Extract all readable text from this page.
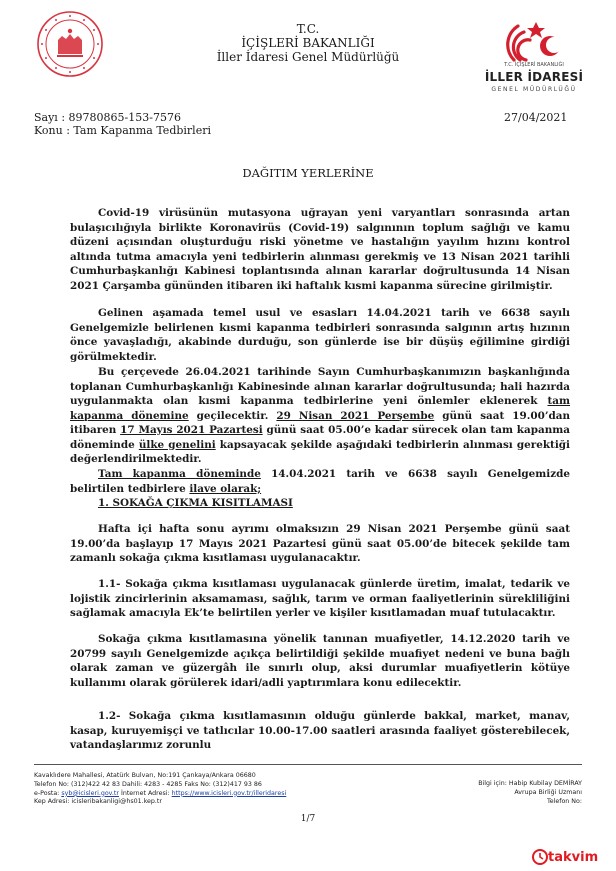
T.C. İÇİŞLERİ BAKANLIĞI
İLLER İDARESİ
GENEL MÜDÜRLÜĞÜ
T.C.
İÇİŞLERİ BAKANLIĞI
İller İdaresi Genel Müdürlüğü
Sayı : 89780865-153-7576
Konu : Tam Kapanma Tedbirleri
27/04/2021
DAĞITIM YERLERİNE

Covid-19 virüsünün mutasyona uğrayan yeni varyantları sonrasında artan bulaşıcılığıyla birlikte Koronavirüs (Covid-19) salgınının toplum sağlığı ve kamu düzeni açısından oluşturduğu riski yönetme ve hastalığın yayılım hızını kontrol altında tutma amacıyla yeni tedbirlerin alınması gerekmiş ve 13 Nisan 2021 tarihli Cumhurbaşkanlığı Kabinesi toplantısında alınan kararlar doğrultusunda 14 Nisan 2021 Çarşamba gününden itibaren iki haftalık kısmi kapanma sürecine girilmiştir.

Gelinen aşamada temel usul ve esasları 14.04.2021 tarih ve 6638 sayılı Genelgemizle belirlenen kısmi kapanma tedbirleri sonrasında salgının artış hızının önce yavaşladığı, akabinde durduğu, son günlerde ise bir düşüş eğilimine girdiği görülmektedir.

Bu çerçevede 26.04.2021 tarihinde Sayın Cumhurbaşkanımızın başkanlığında toplanan Cumhurbaşkanlığı Kabinesinde alınan kararlar doğrultusunda; hali hazırda uygulanmakta olan kısmi kapanma tedbirlerine yeni önlemler eklenerek tam kapanma dönemine geçilecektir. 29 Nisan 2021 Perşembe günü saat 19.00’dan itibaren 17 Mayıs 2021 Pazartesi günü saat 05.00’e kadar sürecek olan tam kapanma döneminde ülke genelini kapsayacak şekilde aşağıdaki tedbirlerin alınması gerektiği değerlendirilmektedir.

Tam kapanma döneminde 14.04.2021 tarih ve 6638 sayılı Genelgemizde belirtilen tedbirlere ilave olarak;

1. SOKAĞA ÇIKMA KISITLAMASI

Hafta içi hafta sonu ayrımı olmaksızın 29 Nisan 2021 Perşembe günü saat 19.00’da başlayıp 17 Mayıs 2021 Pazartesi günü saat 05.00’de bitecek şekilde tam zamanlı sokağa çıkma kısıtlaması uygulanacaktır.

1.1- Sokağa çıkma kısıtlaması uygulanacak günlerde üretim, imalat, tedarik ve lojistik zincirlerinin aksamaması, sağlık, tarım ve orman faaliyetlerinin sürekliliğini sağlamak amacıyla Ek’te belirtilen yerler ve kişiler kısıtlamadan muaf tutulacaktır.

Sokağa çıkma kısıtlamasına yönelik tanınan muafiyetler, 14.12.2020 tarih ve 20799 sayılı Genelgemizde açıkça belirtildiği şekilde muafiyet nedeni ve buna bağlı olarak zaman ve güzergâh ile sınırlı olup, aksi durumlar muafiyetlerin kötüye kullanımı olarak görülerek idari/adli yaptırımlara konu edilecektir.

1.2- Sokağa çıkma kısıtlamasının olduğu günlerde bakkal, market, manav, kasap, kuruyemişçi ve tatlıcılar 10.00-17.00 saatleri arasında faaliyet gösterebilecek, vatandaşlarımız zorunlu

Kavaklıdere Mahallesi, Atatürk Bulvarı, No:191 Çankaya/Ankara 06680
Telefon No: (312)422 42 83 Dahili: 4283 - 4285 Faks No: (312)417 93 86
e-Posta: syb@icisleri.gov.tr İnternet Adresi: https://www.icisleri.gov.tr/illeridaresi
Kep Adresi: icisleribakanligi@hs01.kep.tr
Bilgi için: Habip Kubilay DEMİRAY
Avrupa Birliği Uzmanı
Telefon No:
1/7
takvim
